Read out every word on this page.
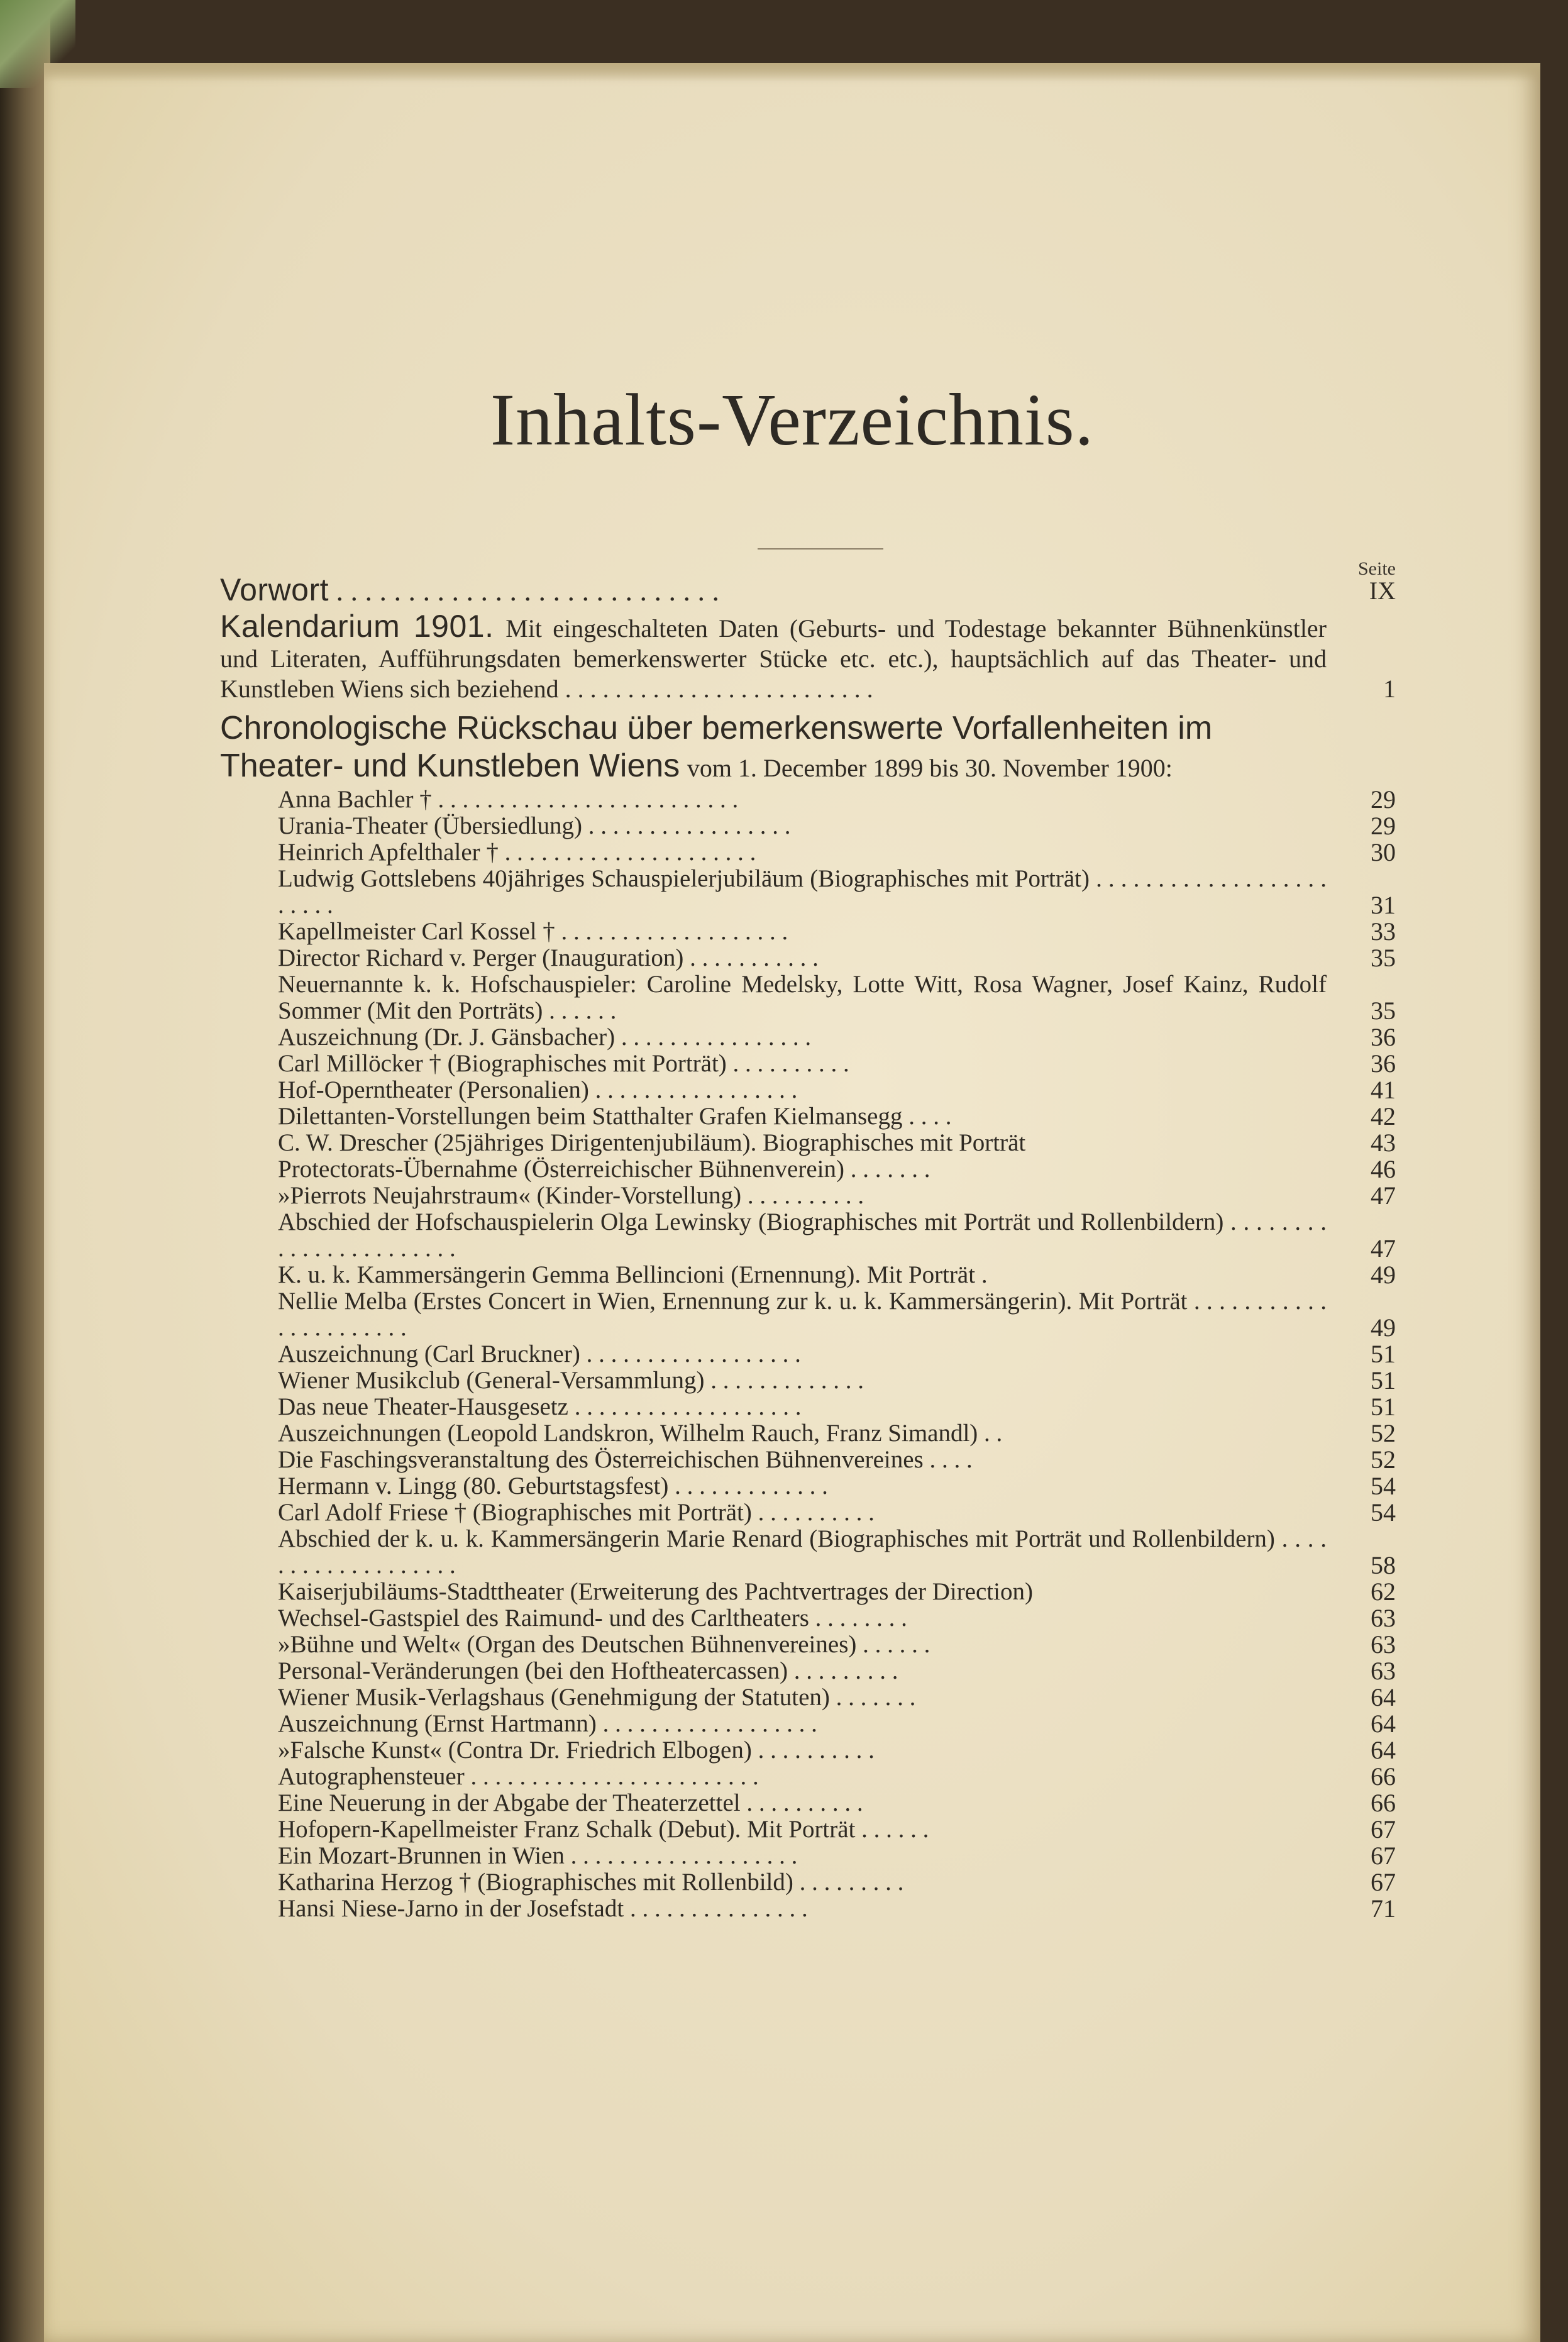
Inhalts-Verzeichnis.
Seite
Vorwort . . . . . . . . . . . . . . . . . . . . . . . . . . .	IX
Kalendarium 1901. Mit eingeschalteten Daten (Geburts- und Todestage bekannter Bühnenkünstler und Literaten, Aufführungsdaten bemerkenswerter Stücke etc. etc.), hauptsächlich auf das Theater- und Kunstleben Wiens sich beziehend . . . . . . . . . . . . . . . . . . . . . . . . .	1
Chronologische Rückschau über bemerkenswerte Vorfallenheiten im Theater- und Kunstleben Wiens vom 1. December 1899 bis 30. November 1900:
Anna Bachler † . . . . . . . . . . . . . . . . . . . . . . . . .	29
Urania-Theater (Übersiedlung) . . . . . . . . . . . . . . . . .	29
Heinrich Apfelthaler † . . . . . . . . . . . . . . . . . . . . .	30
Ludwig Gottslebens 40jähriges Schauspielerjubiläum (Biographisches mit Porträt) . . . . . . . . . . . . . . . . . . . . . . . .	31
Kapellmeister Carl Kossel † . . . . . . . . . . . . . . . . . . .	33
Director Richard v. Perger (Inauguration) . . . . . . . . . . .	35
Neuernannte k. k. Hofschauspieler: Caroline Medelsky, Lotte Witt, Rosa Wagner, Josef Kainz, Rudolf Sommer (Mit den Porträts) . . . . . .	35
Auszeichnung (Dr. J. Gänsbacher) . . . . . . . . . . . . . . . .	36
Carl Millöcker † (Biographisches mit Porträt) . . . . . . . . . .	36
Hof-Operntheater (Personalien) . . . . . . . . . . . . . . . . .	41
Dilettanten-Vorstellungen beim Statthalter Grafen Kielmansegg . . . .	42
C. W. Drescher (25jähriges Dirigentenjubiläum). Biographisches mit Porträt	43
Protectorats-Übernahme (Österreichischer Bühnenverein) . . . . . . .	46
»Pierrots Neujahrstraum« (Kinder-Vorstellung) . . . . . . . . . .	47
Abschied der Hofschauspielerin Olga Lewinsky (Biographisches mit Porträt und Rollenbildern) . . . . . . . . . . . . . . . . . . . . . . .	47
K. u. k. Kammersängerin Gemma Bellincioni (Ernennung). Mit Porträt .	49
Nellie Melba (Erstes Concert in Wien, Ernennung zur k. u. k. Kammersängerin). Mit Porträt . . . . . . . . . . . . . . . . . . . . . .	49
Auszeichnung (Carl Bruckner) . . . . . . . . . . . . . . . . . .	51
Wiener Musikclub (General-Versammlung) . . . . . . . . . . . . .	51
Das neue Theater-Hausgesetz . . . . . . . . . . . . . . . . . . .	51
Auszeichnungen (Leopold Landskron, Wilhelm Rauch, Franz Simandl) . .	52
Die Faschingsveranstaltung des Österreichischen Bühnenvereines . . . .	52
Hermann v. Lingg (80. Geburtstagsfest) . . . . . . . . . . . . .	54
Carl Adolf Friese † (Biographisches mit Porträt) . . . . . . . . . .	54
Abschied der k. u. k. Kammersängerin Marie Renard (Biographisches mit Porträt und Rollenbildern) . . . . . . . . . . . . . . . . . . .	58
Kaiserjubiläums-Stadttheater (Erweiterung des Pachtvertrages der Direction)	62
Wechsel-Gastspiel des Raimund- und des Carltheaters . . . . . . . .	63
»Bühne und Welt« (Organ des Deutschen Bühnenvereines) . . . . . .	63
Personal-Veränderungen (bei den Hoftheatercassen) . . . . . . . . .	63
Wiener Musik-Verlagshaus (Genehmigung der Statuten) . . . . . . .	64
Auszeichnung (Ernst Hartmann) . . . . . . . . . . . . . . . . . .	64
»Falsche Kunst« (Contra Dr. Friedrich Elbogen) . . . . . . . . . .	64
Autographensteuer . . . . . . . . . . . . . . . . . . . . . . . .	66
Eine Neuerung in der Abgabe der Theaterzettel . . . . . . . . . .	66
Hofopern-Kapellmeister Franz Schalk (Debut). Mit Porträt . . . . . .	67
Ein Mozart-Brunnen in Wien . . . . . . . . . . . . . . . . . . .	67
Katharina Herzog † (Biographisches mit Rollenbild) . . . . . . . . .	67
Hansi Niese-Jarno in der Josefstadt . . . . . . . . . . . . . . .	71
